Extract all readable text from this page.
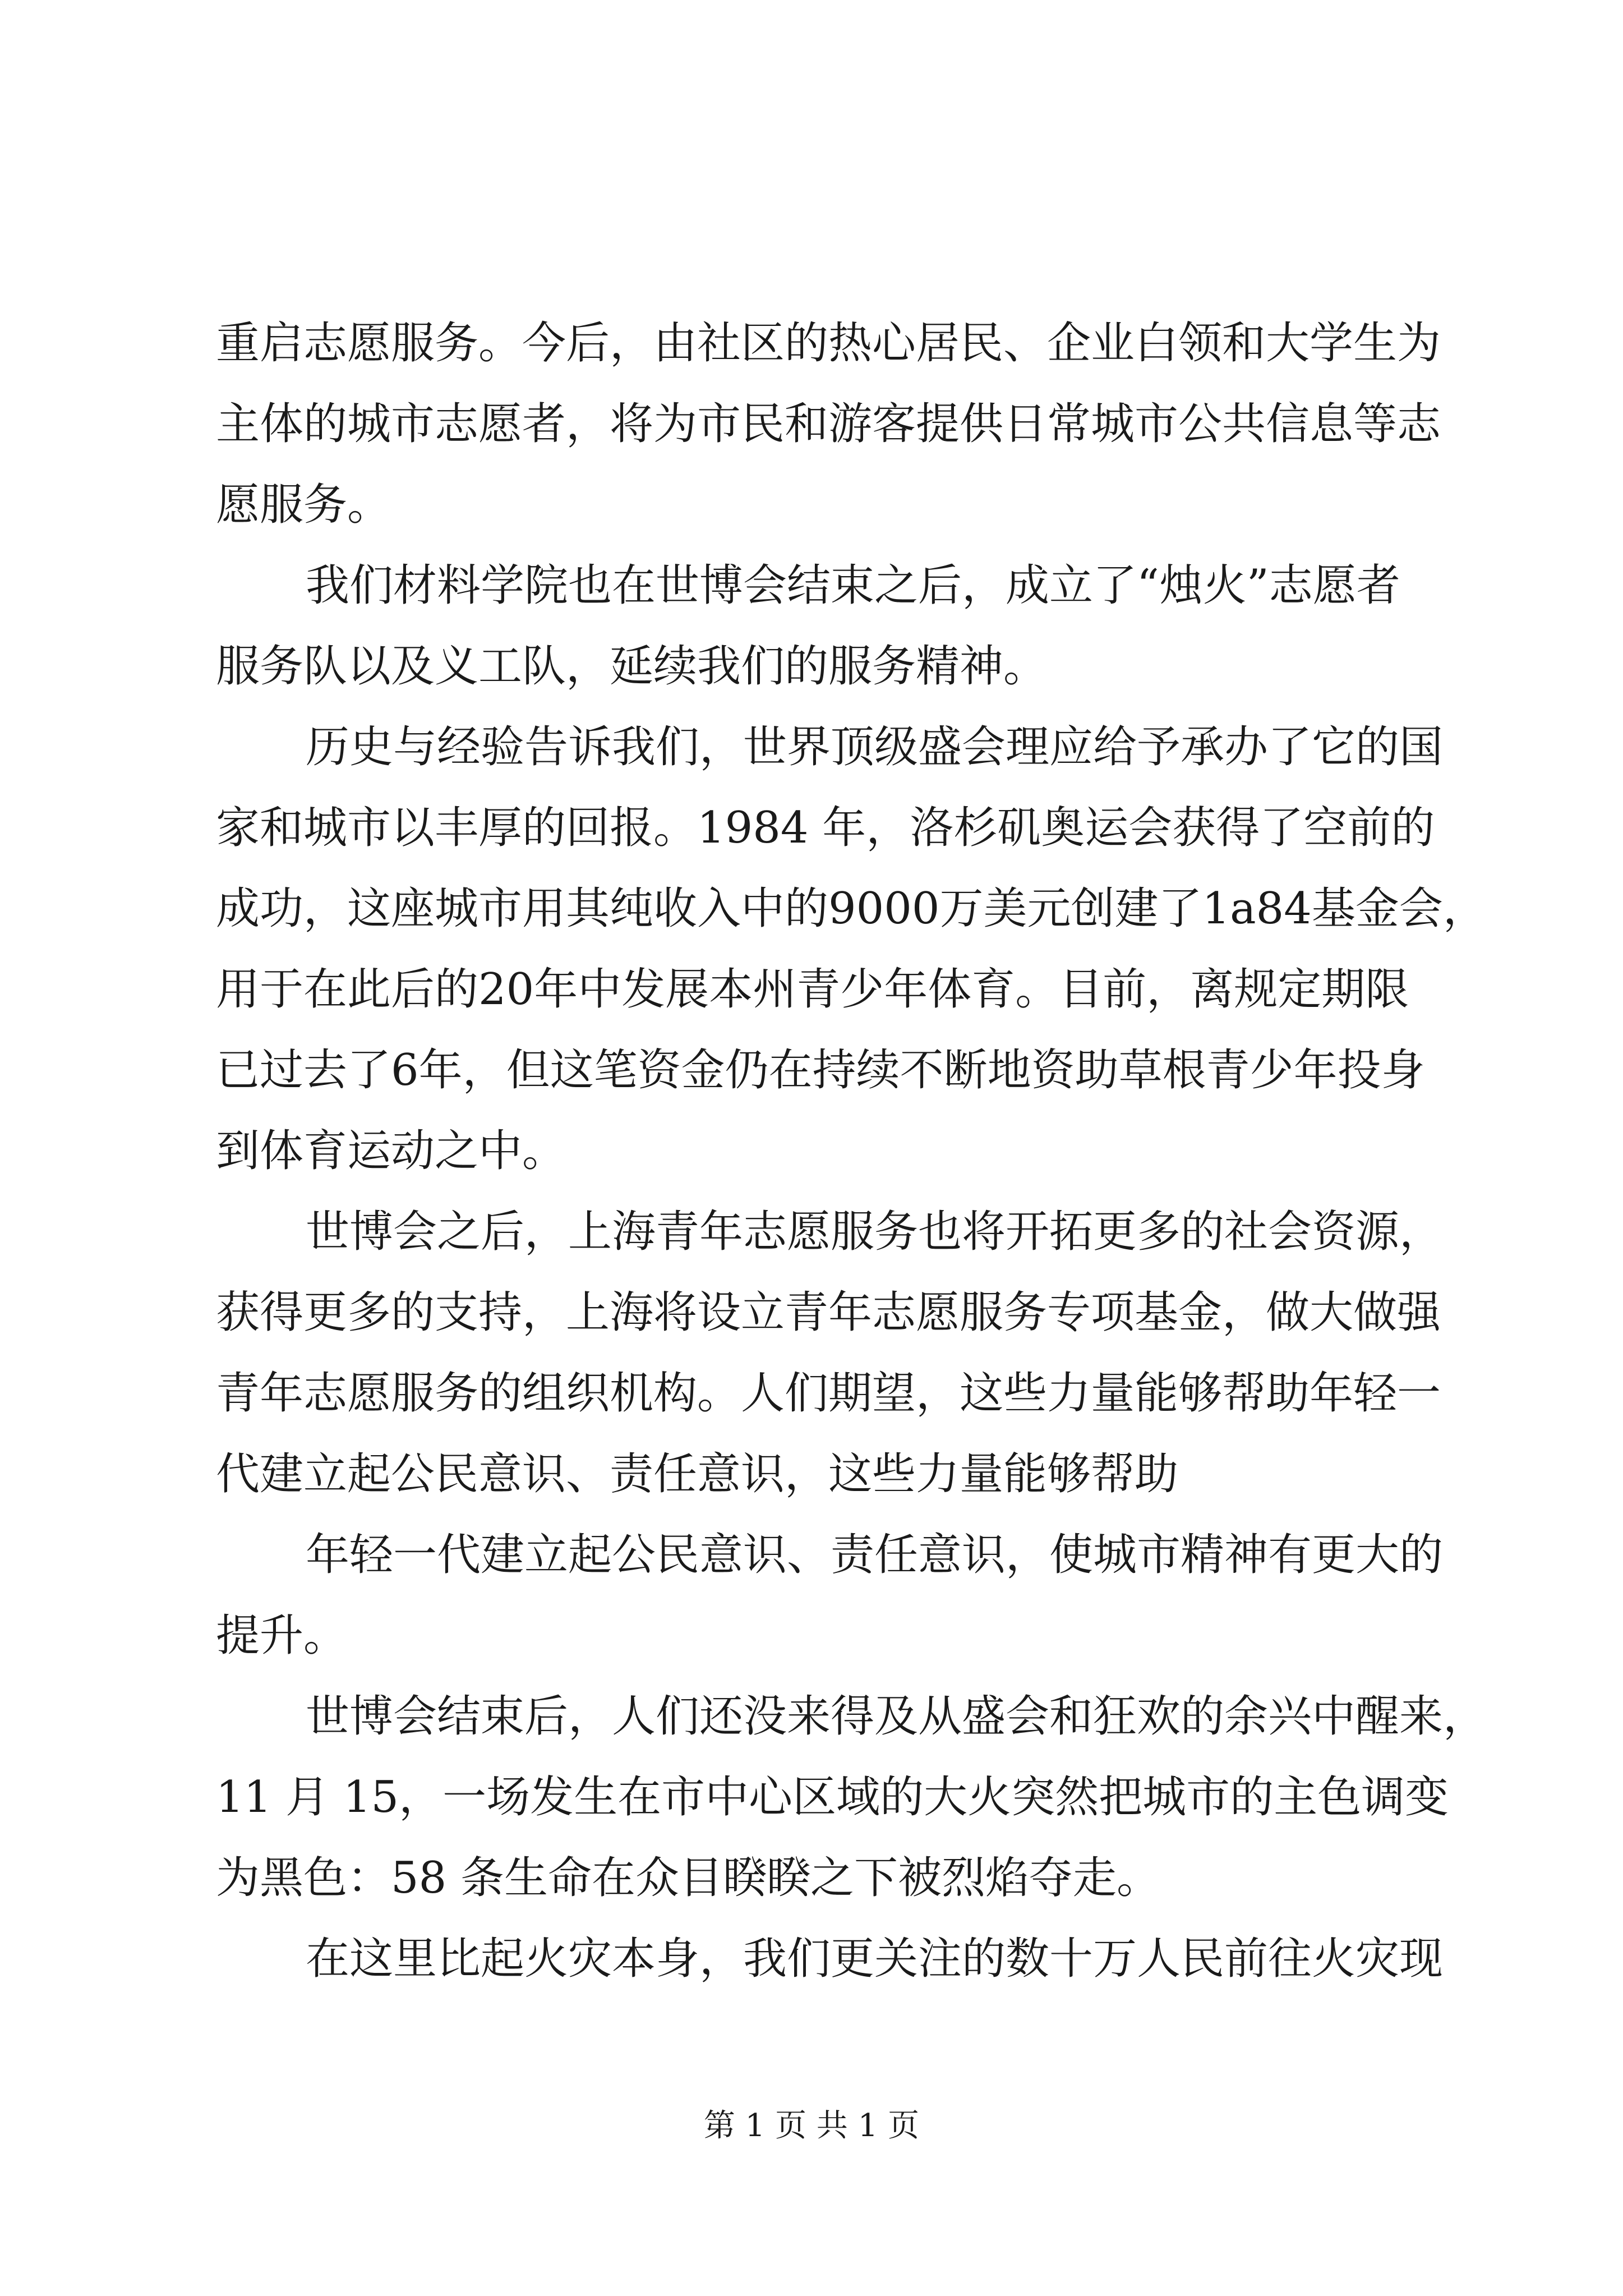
重启志愿服务。今后，由社区的热心居民、企业白领和大学生为
主体的城市志愿者，将为市民和游客提供日常城市公共信息等志
愿服务。
我们材料学院也在世博会结束之后，成立了“烛火”志愿者
服务队以及义工队，延续我们的服务精神。
历史与经验告诉我们，世界顶级盛会理应给予承办了它的国
家和城市以丰厚的回报。1984 年，洛杉矶奥运会获得了空前的
成功，这座城市用其纯收入中的9000万美元创建了1a84基金会，
用于在此后的20年中发展本州青少年体育。目前，离规定期限
已过去了6年，但这笔资金仍在持续不断地资助草根青少年投身
到体育运动之中。
世博会之后，上海青年志愿服务也将开拓更多的社会资源，
获得更多的支持，上海将设立青年志愿服务专项基金，做大做强
青年志愿服务的组织机构。人们期望，这些力量能够帮助年轻一
代建立起公民意识、责任意识，这些力量能够帮助
年轻一代建立起公民意识、责任意识，使城市精神有更大的
提升。
世博会结束后，人们还没来得及从盛会和狂欢的余兴中醒来，
11 月 15，一场发生在市中心区域的大火突然把城市的主色调变
为黑色：58 条生命在众目睽睽之下被烈焰夺走。
在这里比起火灾本身，我们更关注的数十万人民前往火灾现
第 1 页 共 1 页
